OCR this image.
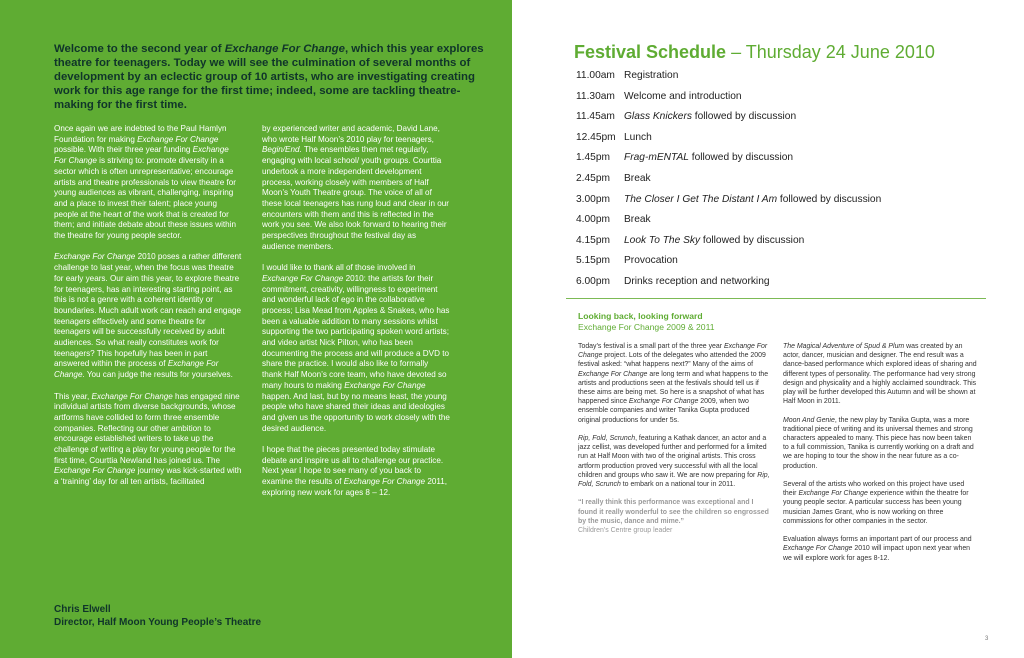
Welcome to the second year of Exchange For Change, which this year explores theatre for teenagers. Today we will see the culmination of several months of development by an eclectic group of 10 artists, who are investigating creating work for this age range for the first time; indeed, some are tackling theatre-making for the first time.

Once again we are indebted to the Paul Hamlyn Foundation for making Exchange For Change possible. With their three year funding Exchange For Change is striving to: promote diversity in a sector which is often unrepresentative; encourage artists and theatre professionals to view theatre for young audiences as vibrant, challenging, inspiring and a place to invest their talent; place young people at the heart of the work that is created for them; and initiate debate about these issues within the theatre for young people sector.

Exchange For Change 2010 poses a rather different challenge to last year, when the focus was theatre for early years. Our aim this year, to explore theatre for teenagers, has an interesting starting point, as this is not a genre with a coherent identity or boundaries. Much adult work can reach and engage teenagers effectively and some theatre for teenagers will be successfully received by adult audiences. So what really constitutes work for teenagers? This hopefully has been in part answered within the process of Exchange For Change. You can judge the results for yourselves.

This year, Exchange For Change has engaged nine individual artists from diverse backgrounds, whose artforms have collided to form three ensemble companies. Reflecting our other ambition to encourage established writers to take up the challenge of writing a play for young people for the first time, Courttia Newland has joined us. The Exchange For Change journey was kick-started with a ‘training’ day for all ten artists, facilitated

by experienced writer and academic, David Lane, who wrote Half Moon’s 2010 play for teenagers, Begin/End. The ensembles then met regularly, engaging with local school/ youth groups. Courttia undertook a more independent development process, working closely with members of Half Moon’s Youth Theatre group. The voice of all of these local teenagers has rung loud and clear in our encounters with them and this is reflected in the work you see. We also look forward to hearing their perspectives throughout the festival day as audience members.

I would like to thank all of those involved in Exchange For Change 2010: the artists for their commitment, creativity, willingness to experiment and wonderful lack of ego in the collaborative process; Lisa Mead from Apples & Snakes, who has been a valuable addition to many sessions whilst supporting the two participating spoken word artists; and video artist Nick Pilton, who has been documenting the process and will produce a DVD to share the practice. I would also like to formally thank Half Moon’s core team, who have devoted so many hours to making Exchange For Change happen. And last, but by no means least, the young people who have shared their ideas and ideologies and given us the opportunity to work closely with the desired audience.

I hope that the pieces presented today stimulate debate and inspire us all to challenge our practice. Next year I hope to see many of you back to examine the results of Exchange For Change 2011, exploring new work for ages 8 – 12.

Chris Elwell
Director, Half Moon Young People’s Theatre
Festival Schedule – Thursday 24 June 2010
11.00am Registration
11.30am Welcome and introduction
11.45am Glass Knickers followed by discussion
12.45pm Lunch
1.45pm	Frag-mENTAL followed by discussion
2.45pm	Break
3.00pm	The Closer I Get The Distant I Am followed by discussion
4.00pm	Break
4.15pm	Look To The Sky followed by discussion
5.15pm	Provocation
6.00pm	Drinks reception and networking
Looking back, looking forward
Exchange For Change 2009 & 2011

Today’s festival is a small part of the three year Exchange For Change project. Lots of the delegates who attended the 2009 festival asked: “what happens next?” Many of the aims of Exchange For Change are long term and what happens to the artists and productions seen at the festivals should tell us if these aims are being met. So here is a snapshot of what has happened since Exchange For Change 2009, when two ensemble companies and writer Tanika Gupta produced original productions for under 5s.

Rip, Fold, Scrunch, featuring a Kathak dancer, an actor and a jazz cellist, was developed further and performed for a limited run at Half Moon with two of the original artists. This cross artform production proved very successful with all the local children and groups who saw it. We are now preparing for Rip, Fold, Scrunch to embark on a national tour in 2011.

“I really think this performance was exceptional and I found it really wonderful to see the children so engrossed by the music, dance and mime.”
Children’s Centre group leader

The Magical Adventure of Spud & Plum was created by an actor, dancer, musician and designer. The end result was a dance-based performance which explored ideas of sharing and different types of personality. The performance had very strong design and physicality and a highly acclaimed soundtrack. This play will be further developed this Autumn and will be shown at Half Moon in 2011.

Moon And Genie, the new play by Tanika Gupta, was a more traditional piece of writing and its universal themes and strong characters appealed to many. This piece has now been taken to a full commission, Tanika is currently working on a draft and we are hoping to tour the show in the near future as a co-production.

Several of the artists who worked on this project have used their Exchange For Change experience within the theatre for young people sector. A particular success has been young musician James Grant, who is now working on three commissions for other companies in the sector.

Evaluation always forms an important part of our process and Exchange For Change 2010 will impact upon next year when we will explore work for ages 8-12.

3
